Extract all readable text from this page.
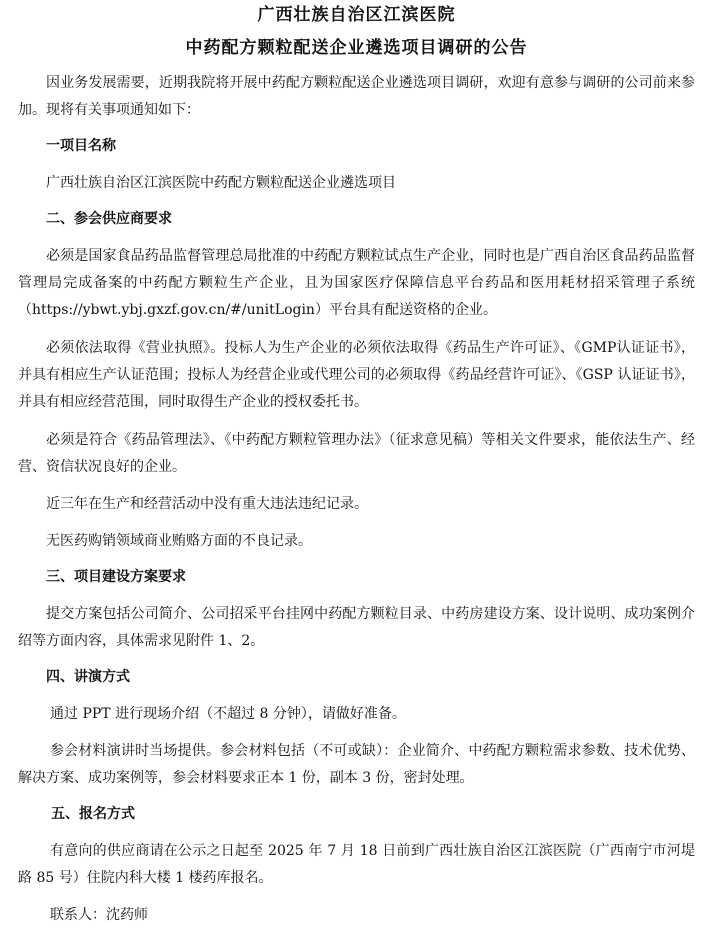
广西壮族自治区江滨医院
中药配方颗粒配送企业遴选项目调研的公告

因业务发展需要，近期我院将开展中药配方颗粒配送企业遴选项目调研，欢迎有意参与调研的公司前来参加。现将有关事项通知如下：

一项目名称

广西壮族自治区江滨医院中药配方颗粒配送企业遴选项目

二、参会供应商要求

必须是国家食品药品监督管理总局批准的中药配方颗粒试点生产企业，同时也是广西自治区食品药品监督管理局完成备案的中药配方颗粒生产企业，且为国家医疗保障信息平台药品和医用耗材招采管理子系统（https://ybwt.ybj.gxzf.gov.cn/#/unitLogin）平台具有配送资格的企业。

必须依法取得《营业执照》。投标人为生产企业的必须依法取得《药品生产许可证》、《GMP认证证书》，并具有相应生产认证范围；投标人为经营企业或代理公司的必须取得《药品经营许可证》、《GSP 认证证书》，并具有相应经营范围，同时取得生产企业的授权委托书。

必须是符合《药品管理法》、《中药配方颗粒管理办法》（征求意见稿）等相关文件要求，能依法生产、经营、资信状况良好的企业。

近三年在生产和经营活动中没有重大违法违纪记录。

无医药购销领域商业贿赂方面的不良记录。

三、项目建设方案要求

提交方案包括公司简介、公司招采平台挂网中药配方颗粒目录、中药房建设方案、设计说明、成功案例介绍等方面内容，具体需求见附件 1、2。

四、讲演方式

通过 PPT 进行现场介绍（不超过 8 分钟），请做好准备。

参会材料演讲时当场提供。参会材料包括（不可或缺）：企业简介、中药配方颗粒需求参数、技术优势、解决方案、成功案例等，参会材料要求正本 1 份，副本 3 份，密封处理。

五、报名方式

有意向的供应商请在公示之日起至 2025 年 7 月 18 日前到广西壮族自治区江滨医院（广西南宁市河堤路 85 号）住院内科大楼 1 楼药库报名。

联系人：沈药师
